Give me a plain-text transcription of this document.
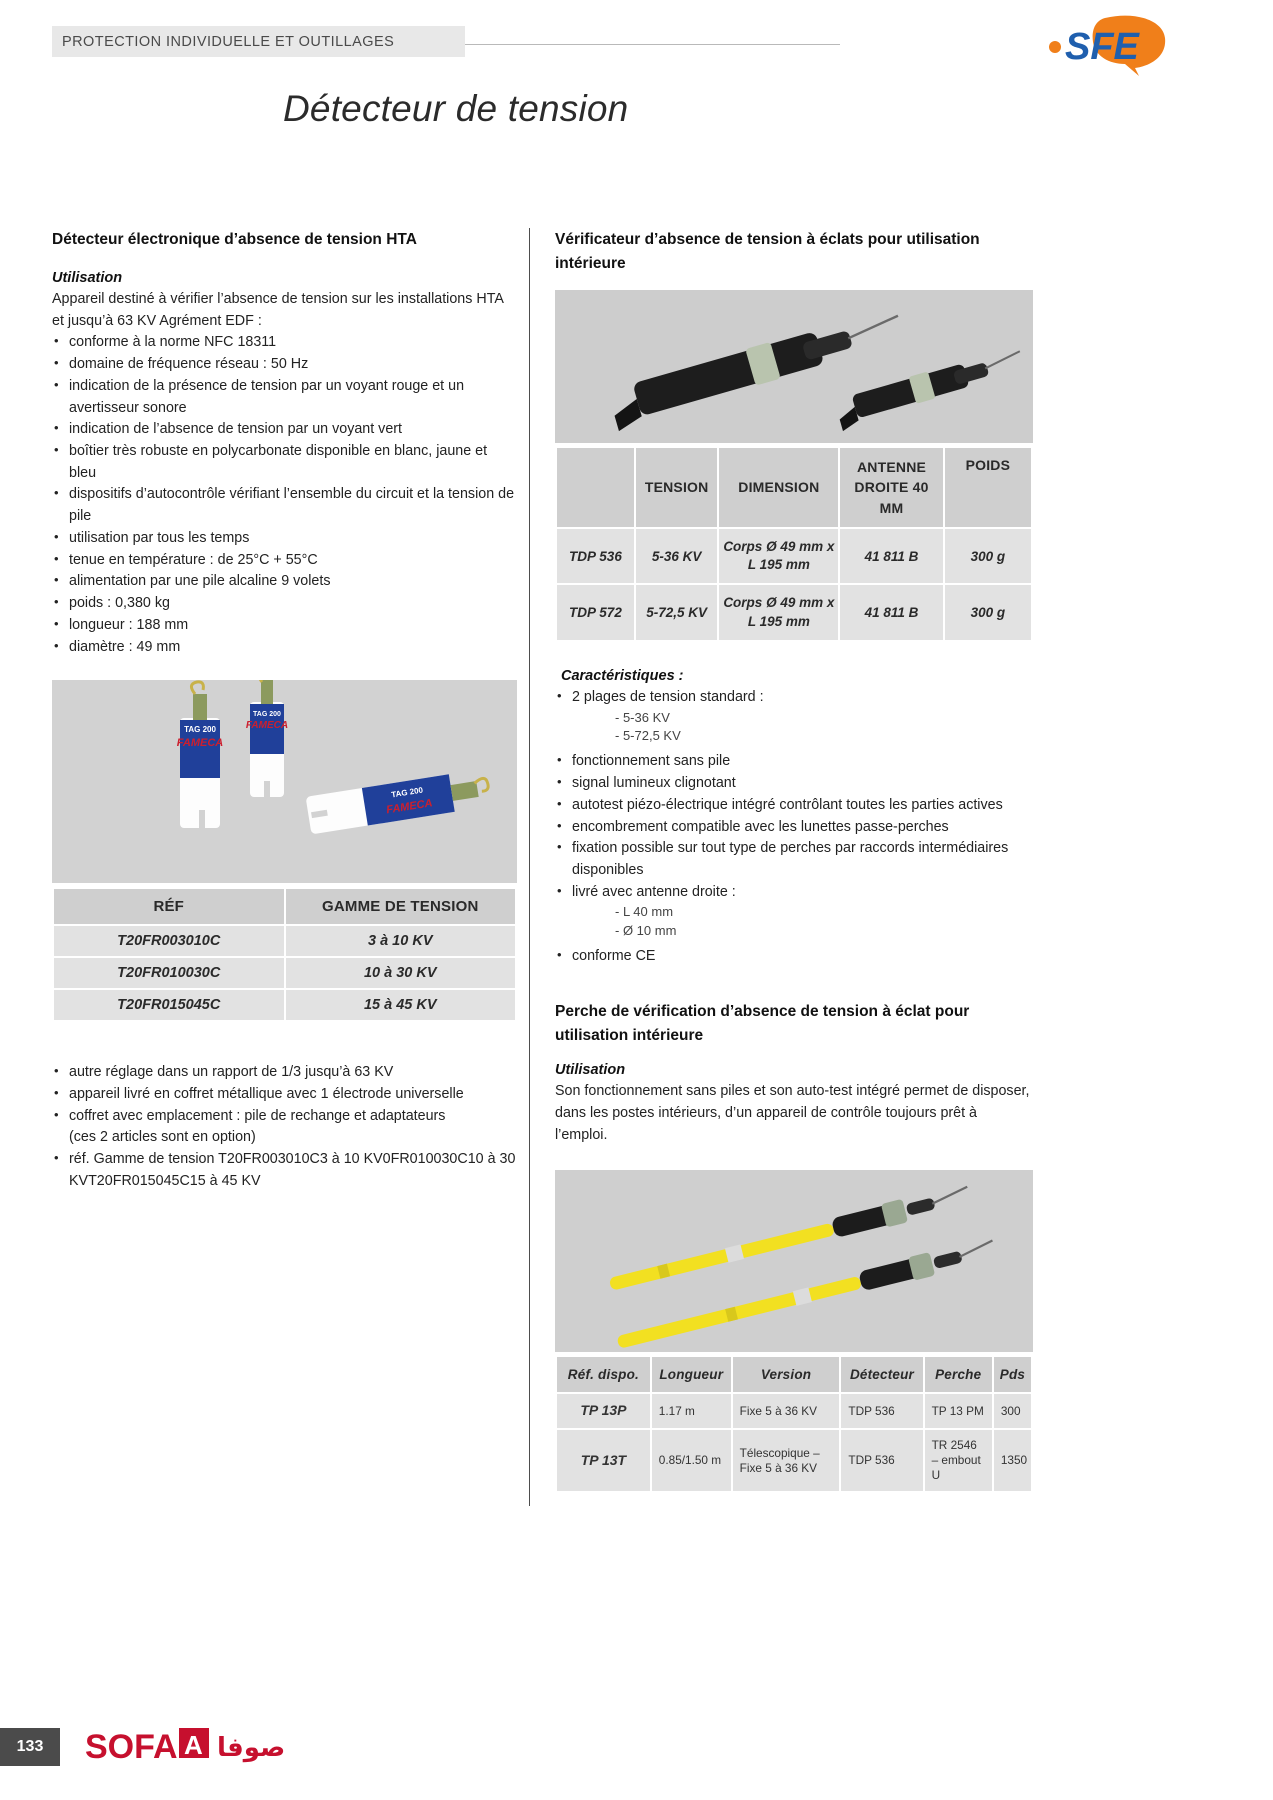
PROTECTION INDIVIDUELLE ET OUTILLAGES	SFE
Détecteur de tension
Détecteur électronique d’absence de tension HTA
Utilisation

Appareil destiné à vérifier l’absence de tension sur les installations HTA et jusqu’à 63 KV Agrément EDF :

• conforme à la norme NFC 18311
• domaine de fréquence réseau : 50 Hz
• indication de la présence de tension par un voyant rouge et un avertisseur sonore
• indication de l’absence de tension par un voyant vert
• boîtier très robuste en polycarbonate disponible en blanc, jaune et bleu
• dispositifs d’autocontrôle vérifiant l’ensemble du circuit et la tension de pile
• utilisation par tous les temps
• tenue en température : de 25°C + 55°C
• alimentation par une pile alcaline 9 volets
• poids : 0,380 kg
• longueur : 188 mm
• diamètre : 49 mm
TAG 200
FAMECA
TAG 200
FAMECA
TAG 200
FAMECA
RÉF	GAMME DE TENSION
T20FR003010C	3 à 10 KV
T20FR010030C	10 à 30 KV
T20FR015045C	15 à 45 KV
• autre réglage dans un rapport de 1/3 jusqu’à 63 KV
• appareil livré en coffret métallique avec 1 électrode universelle
• coffret avec emplacement : pile de rechange et adaptateurs
(ces 2 articles sont en option)
• réf. Gamme de tension T20FR003010C3 à 10 KV0FR010030C10 à 30 KVT20FR015045C15 à 45 KV
Vérificateur d’absence de tension à éclats pour utilisation intérieure
	TENSION	DIMENSION	ANTENNE DROITE 40 MM	POIDS
TDP 536	5-36 KV	Corps Ø 49 mm x L 195 mm	41 811 B	300 g
TDP 572	5-72,5 KV	Corps Ø 49 mm x L 195 mm	41 811 B	300 g
Caractéristiques :
• 2 plages de tension standard :
- 5-36 KV
- 5-72,5 KV
• fonctionnement sans pile
• signal lumineux clignotant
• autotest piézo-électrique intégré contrôlant toutes les parties actives
• encombrement compatible avec les lunettes passe-perches
• fixation possible sur tout type de perches par raccords intermédiaires disponibles
• livré avec antenne droite :
- L 40 mm
- Ø 10 mm
• conforme CE
Perche de vérification d’absence de tension à éclat pour utilisation intérieure
Utilisation

Son fonctionnement sans piles et son auto-test intégré permet de disposer, dans les postes intérieurs, d’un appareil de contrôle toujours prêt à l’emploi.

Réf. dispo.	Longueur	Version	Détecteur	Perche	Pds
TP 13P	1.17 m	Fixe 5 à 36 KV	TDP 536	TP 13 PM	300
TP 13T	0.85/1.50 m	Télescopique – Fixe 5 à 36 KV	TDP 536	TR 2546 – embout U	1350
133 SOFA A صوفا
